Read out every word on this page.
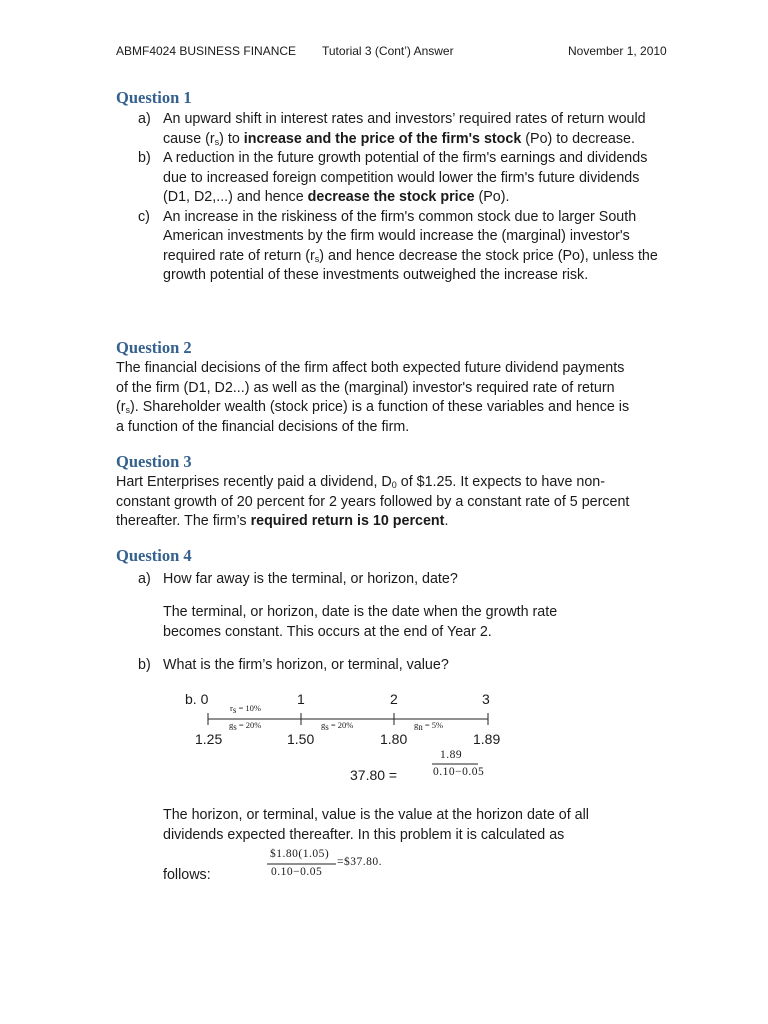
ABMF4024 BUSINESS FINANCE Tutorial 3 (Cont’) Answer	November 1, 2010
Question 1

a) An upward shift in interest rates and investors’ required rates of return would cause $(r_s)$ to increase and the price of the firm's stock (Po) to decrease.

b) A reduction in the future growth potential of the firm's earnings and dividends due to increased foreign competition would lower the firm's future dividends (D1, D2,...) and hence decrease the stock price (Po).

c) An increase in the riskiness of the firm's common stock due to larger South American investments by the firm would increase the (marginal) investor's required rate of return $(r_s)$ and hence decrease the stock price (Po), unless the growth potential of these investments outweighed the increase risk.

Question 2

The financial decisions of the firm affect both expected future dividend payments of the firm (D1, D2...) as well as the (marginal) investor's required rate of return $(r_s)$. Shareholder wealth (stock price) is a function of these variables and hence is a function of the financial decisions of the firm.

Question 3

Hart Enterprises recently paid a dividend, $D_0$ of $1.25. It expects to have non-constant growth of 20 percent for 2 years followed by a constant rate of 5 percent thereafter. The firm’s required return is 10 percent.

Question 4

a) How far away is the terminal, or horizon, date?

The terminal, or horizon, date is the date when the growth rate becomes constant. This occurs at the end of Year 2.

b) What is the firm’s horizon, or terminal, value?

b. 0	1	2	3
$r_s = 10\%$
$g_s = 20\%$	$g_s = 20\%$	$g_n = 5\%$
1.25	1.50	1.80	1.89
1.89
37.80 =	0.10−0.05

The horizon, or terminal, value is the value at the horizon date of all dividends expected thereafter. In this problem it is calculated as

$1.80(1.05)
=$37.80.
0.10−0.05

follows:
